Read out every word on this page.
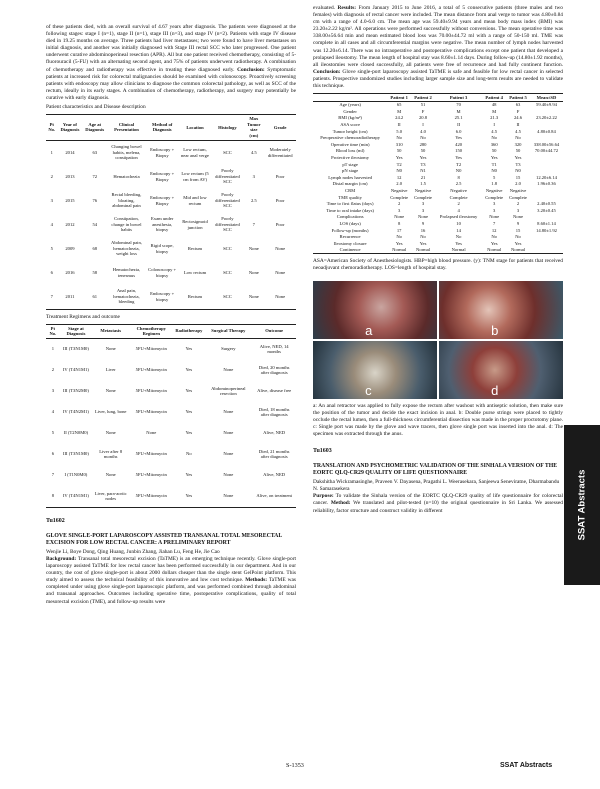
of these patients died, with an overall survival of 4.67 years after diagnosis. The patients were diagnosed at the following stages: stage I (n=1), stage II (n=1), stage III (n=3), and stage IV (n=2). Patients with stage IV disease died in 19.25 months on average. Three patients had liver metastases; two were found to have liver metastases on initial diagnosis, and another was initially diagnosed with Stage III rectal SCC who later progressed. One patient underwent curative abdominoperineal resection (APR). All but one patient received chemotherapy, consisting of 5-fluorouracil (5-FU) with an alternating second agent, and 75% of patients underwent radiotherapy. A combination of chemotherapy and radiotherapy was effective in treating these diagnosed early. Conclusion: Symptomatic patients at increased risk for colorectal malignancies should be examined with colonoscopy. Proactively screening patients with endoscopy may allow clinicians to diagnose the common colorectal pathology, as well as SCC of the rectum, ideally in its early stages. A combination of chemotherapy, radiotherapy, and surgery may potentially be curative with early diagnosis.

Patient characteristics and Disease description

Pt No.	Year of Diagnosis	Age at Diagnosis	Clinical Presentation	Method of Diagnosis	Location	Histology	Max Tumor size (cm)	Grade
1	2014	63	Changing bowel habits, melena, constipation	Endoscopy + Biopsy	Low rectum, near anal verge	SCC	4.5	Moderately differentiated
2	2013	72	Hematochezia	Endoscopy + Biopsy	Low rectum (5 cm from AV)	Poorly differentiated SCC	3	Poor
3	2015	76	Rectal bleeding, bloating, abdominal pain	Endoscopy + Biopsy	Mid and low rectum	Poorly differentiated SCC	2.5	Poor
4	2012	54	Constipation, change in bowel habits	Exam under anesthesia, biopsy	Rectosigmoid junction	Poorly differentiated SCC	7	Poor
5	2009	68	Abdominal pain, hematochezia, weight loss	Rigid scope, biopsy	Rectum	SCC	None	None
6	2016	58	Hematochezia, tenesmus	Colonoscopy + biopsy	Low rectum	SCC	None	None
7	2011	61	Anal pain, hematochezia, bleeding	Endoscopy + biopsy	Rectum	SCC	None	None

Treatment Regimens and outcome

Pt No.	Stage at Diagnosis	Metastasis	Chemotherapy Regimen	Radiotherapy	Surgical Therapy	Outcome
1	III (T3N1M0)	None	5FU+Mitomycin	Yes	Surgery	Alive, NED, 14 months
2	IV (T4N1M1)	Liver	5FU+Mitomycin	Yes	None	Died, 20 months after diagnosis
3	III (T3N2M0)	None	5FU+Mitomycin	Yes	Abdominoperineal resection	Alive, disease free
4	IV (T4N2M1)	Liver, lung, bone	5FU+Mitomycin	Yes	None	Died, 18 months after diagnosis
5	II (T2N0M0)	None	None	Yes	None	Alive, NED
6	III (T3N1M0)	Liver after 8 months	5FU+Mitomycin	No	None	Died, 21 months after diagnosis
7	I (T1N0M0)	None	5FU+Mitomycin	Yes	None	Alive, NED
8	IV (T4N1M1)	Liver, para-aortic nodes	5FU+Mitomycin	Yes	None	Alive, on treatment
Tu1602
GLOVE SINGLE-PORT LAPAROSCOPY ASSISTED TRANSANAL TOTAL MESORECTAL EXCISION FOR LOW RECTAL CANCER: A PRELIMINARY REPORT
Wenjie Li, Boye Dong, Qing Huang, Junbin Zhang, Jiahan Lu, Feng He, Jie Cao

Background: Transanal total mesorectal excision (TaTME) is an emerging technique recently. Glove single-port laparoscopy assisted TaTME for low rectal cancer has been performed successfully in our department. And in our country, the cost of glove single-port is about 2000 dollars cheaper than the single stent GelPoint platform. This study aimed to assess the technical feasibility of this innovative and low cost technique. Methods: TaTME was completed under using glove single-port laparoscopic platform, and was performed combined through abdominal and transanal approaches. Outcomes including operative time, postoperative complications, quality of total mesorectal excision (TME), and follow-up results were

evaluated. Results: From January 2015 to June 2016, a total of 5 consecutive patients (three males and two females) with diagnosis of rectal cancer were included. The mean distance from anal verge to tumor was 4.80±0.84 cm with a range of 4.0-6.0 cm. The mean age was 59.40±9.94 years and mean body mass index (BMI) was 23.20±2.22 kg/m². All operations were performed successfully without conversions. The mean operative time was 338.00±56.64 min and mean estimated blood loss was 70.00±44.72 ml with a range of 50-150 ml. TME was complete in all cases and all circumferential margins were negative. The mean number of lymph nodes harvested was 12.20±6.14. There was no intraoperative and postoperative complications except one patient that developed a prolapsed ileostomy. The mean length of hospital stay was 8.60±1.14 days. During follow-up (14.80±1.92 months), all ileostomies were closed successfully, all patients were free of recurrence and had fully continent function. Conclusion: Glove single-port laparoscopy assisted TaTME is safe and feasible for low rectal cancer in selected patients. Prospective randomized studies including larger sample size and long-term results are needed to validate this technique.

	Patient 1	Patient 2	Patient 3	Patient 4	Patient 5	Mean±SD
Age (years)	65	51	70	48	63	59.40±9.94
Gender	M	F	M	M	F	
BMI (kg/m²)	24.2	20.8	25.1	21.3	24.6	23.20±2.22
ASA score	II	I	II	I	II	
Tumor height (cm)	5.0	4.0	6.0	4.5	4.5	4.80±0.84
Preoperative chemoradiotherapy	No	No	Yes	No	No	
Operative time (min)	310	280	420	360	320	338.00±56.64
Blood loss (ml)	50	50	150	50	50	70.00±44.72
Protective ileostomy	Yes	Yes	Yes	Yes	Yes	
pT stage	T2	T3	T2	T1	T3	
pN stage	N0	N1	N0	N0	N0	
Lymph nodes harvested	12	21	8	5	15	12.20±6.14
Distal margin (cm)	2.0	1.5	2.5	1.8	2.0	1.96±0.36
CRM	Negative	Negative	Negative	Negative	Negative	
TME quality	Complete	Complete	Complete	Complete	Complete	
Time to first flatus (days)	2	3	2	3	2	2.40±0.55
Time to oral intake (days)	3	3	4	3	3	3.20±0.45
Complications	None	None	Prolapsed ileostomy	None	None	
LOS (days)	8	9	10	7	9	8.60±1.14
Follow-up (months)	17	16	14	12	15	14.80±1.92
Recurrence	No	No	No	No	No	
Ileostomy closure	Yes	Yes	Yes	Yes	Yes	
Continence	Normal	Normal	Normal	Normal	Normal	

ASA=American Society of Anesthesiologists. HBP=high blood pressure. (y): TNM stage for patients that received neoadjuvant chemoradiotherapy. LOS=length of hospital stay.

a	b
c	d

a: An anal retractor was applied to fully expose the rectum after washout with antiseptic solution, then make sure the position of the tumor and decide the exact incision in anal. b: Double purse strings were placed to tightly occlude the rectal lumen, then a full-thickness circumferential dissection was made in the proper proctotomy plane. c: Single port was made by the glove and wave tracers, then glove single port was inserted into the anal. d: The specimen was extracted through the anus.

Tu1603
TRANSLATION AND PSYCHOMETRIC VALIDATION OF THE SINHALA VERSION OF THE EORTC QLQ-CR29 QUALITY OF LIFE QUESTIONNAIRE
Dakshitha Wickramasinghe, Praveen V. Dayasena, Pragathi L. Weerasekara, Sanjeewa Seneviratne, Dharmabandu N. Samarasekera

Purpose: To validate the Sinhala version of the EORTC QLQ-CR29 quality of life questionnaire for colorectal cancer. Method: We translated and pilot-tested (n=10) the original questionnaire in Sri Lanka. We assessed reliability, factor structure and construct validity in different	SSAT Abstracts
S-1353	SSAT Abstracts
